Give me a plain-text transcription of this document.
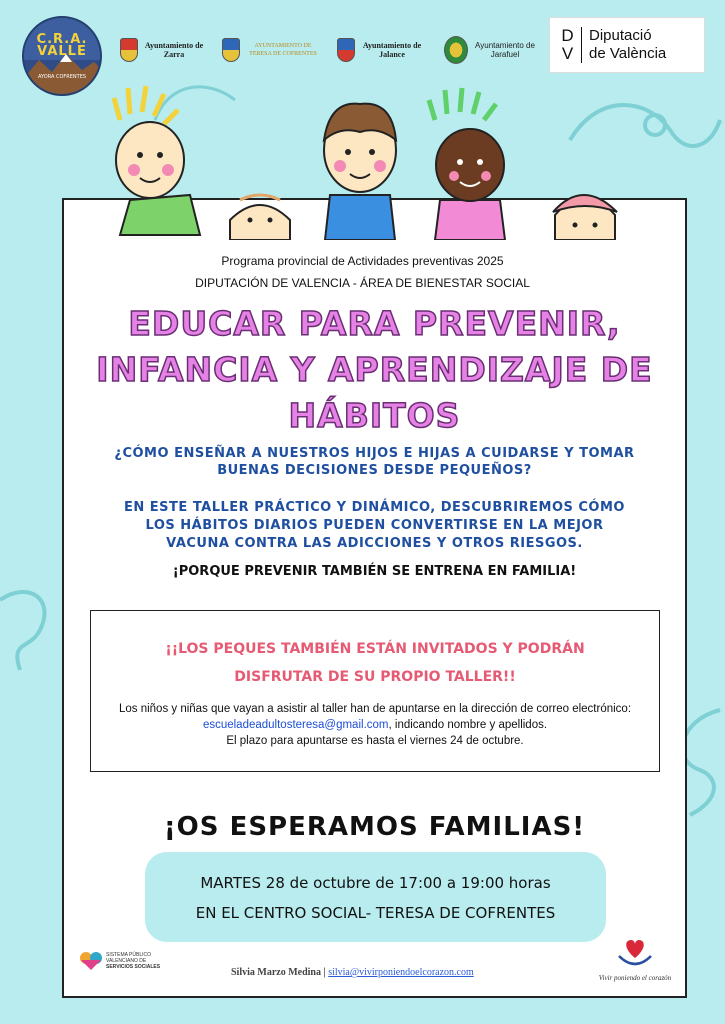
C.R.A. VALLE
AYORA COFRENTES
Ayuntamiento de Zarra
AYUNTAMIENTO DE TERESA DE COFRENTES
Ayuntamiento de Jalance
Ayuntamiento de Jarafuel
D V
Diputació
de València
Programa provincial de Actividades preventivas 2025
DIPUTACIÓN DE VALENCIA - ÁREA DE BIENESTAR SOCIAL
EDUCAR PARA PREVENIR,
INFANCIA Y APRENDIZAJE DE
HÁBITOS
¿CÓMO ENSEÑAR A NUESTROS HIJOS E HIJAS A CUIDARSE Y TOMAR
BUENAS DECISIONES DESDE PEQUEÑOS?
EN ESTE TALLER PRÁCTICO Y DINÁMICO, DESCUBRIREMOS CÓMO
LOS HÁBITOS DIARIOS PUEDEN CONVERTIRSE EN LA MEJOR
VACUNA CONTRA LAS ADICCIONES Y OTROS RIESGOS.
¡PORQUE PREVENIR TAMBIÉN SE ENTRENA EN FAMILIA!
¡¡LOS PEQUES TAMBIÉN ESTÁN INVITADOS Y PODRÁN
DISFRUTAR DE SU PROPIO TALLER!!
Los niños y niñas que vayan a asistir al taller han de apuntarse en la dirección de correo electrónico:
escueladeadultosteresa@gmail.com, indicando nombre y apellidos.
El plazo para apuntarse es hasta el viernes 24 de octubre.
¡OS ESPERAMOS FAMILIAS!
MARTES 28 de octubre de 17:00 a 19:00 horas
EN EL CENTRO SOCIAL- TERESA DE COFRENTES
SISTEMA PÚBLICO
VALENCIANO DE
SERVICIOS SOCIALES	Silvia Marzo Medina | silvia@vivirponiendoelcorazon.com	Vivir poniendo el corazón
